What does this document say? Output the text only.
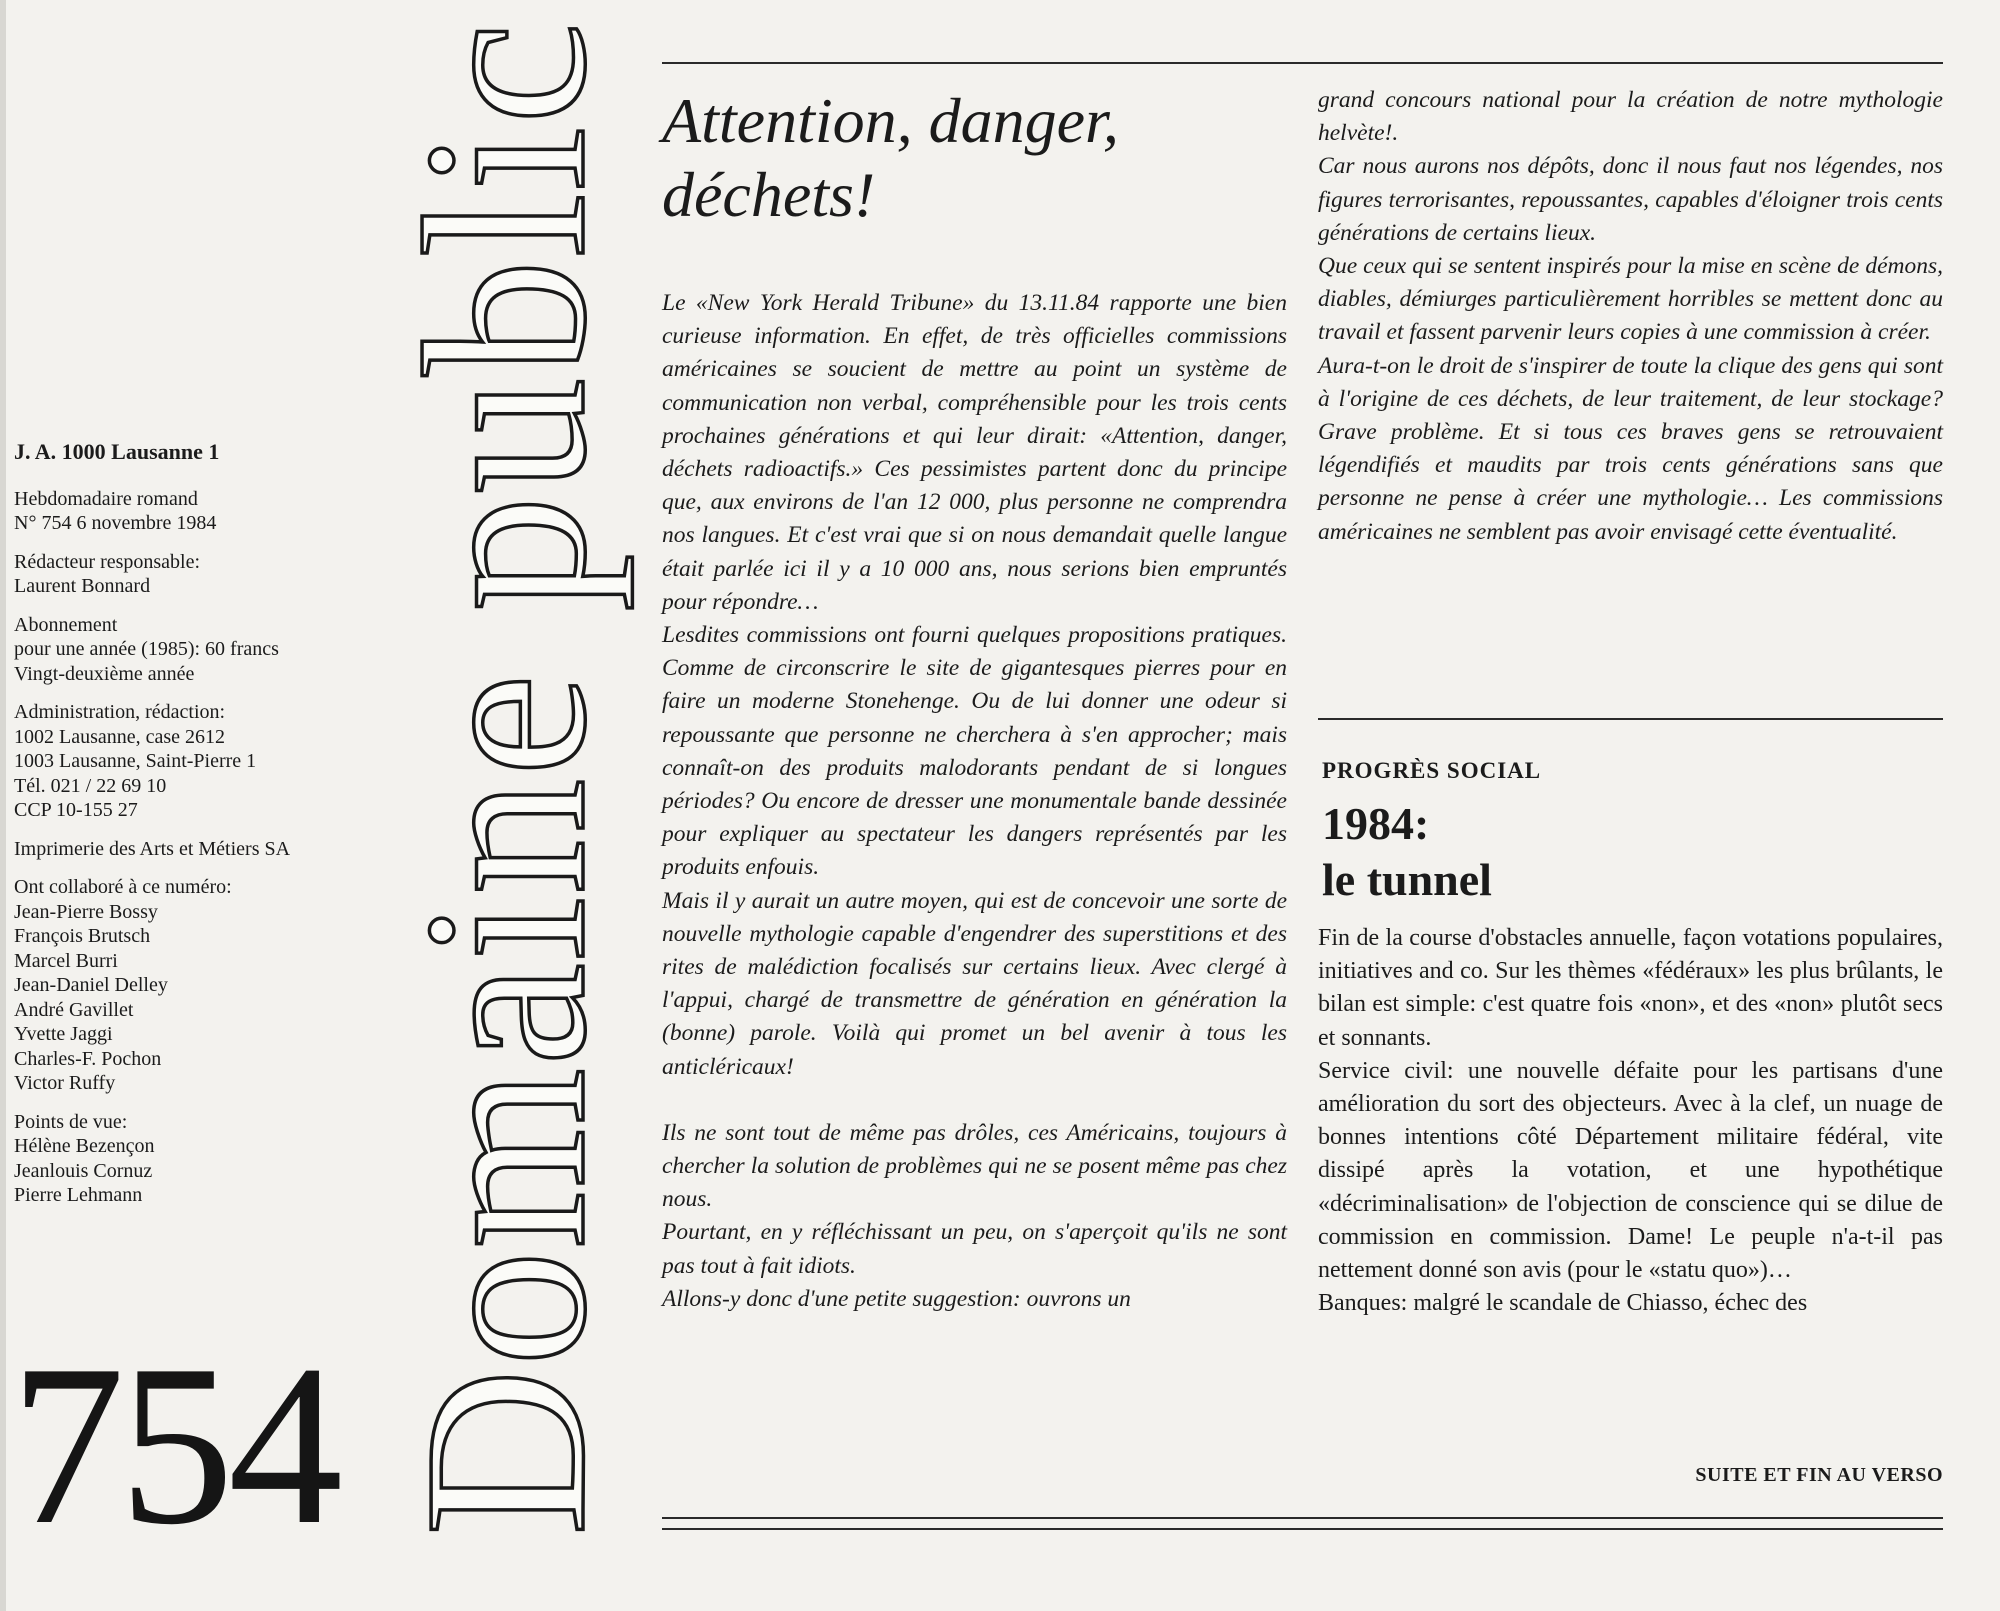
J. A. 1000 Lausanne 1
Hebdomadaire romand
N° 754 6 novembre 1984
Rédacteur responsable:
Laurent Bonnard
Abonnement
pour une année (1985): 60 francs
Vingt-deuxième année
Administration, rédaction:
1002 Lausanne, case 2612
1003 Lausanne, Saint-Pierre 1
Tél. 021 / 22 69 10
CCP 10-155 27
Imprimerie des Arts et Métiers SA
Ont collaboré à ce numéro:
Jean-Pierre Bossy
François Brutsch
Marcel Burri
Jean-Daniel Delley
André Gavillet
Yvette Jaggi
Charles-F. Pochon
Victor Ruffy
Points de vue:
Hélène Bezençon
Jeanlouis Cornuz
Pierre Lehmann
754 Domaine public Attention, danger,
déchets!

Le «New York Herald Tribune» du 13.11.84 rapporte une bien curieuse information. En effet, de très officielles commissions américaines se soucient de mettre au point un système de communication non verbal, compréhensible pour les trois cents prochaines générations et qui leur dirait: «Attention, danger, déchets radioactifs.» Ces pessimistes partent donc du principe que, aux environs de l'an 12 000, plus personne ne comprendra nos langues. Et c'est vrai que si on nous demandait quelle langue était parlée ici il y a 10 000 ans, nous serions bien empruntés pour répondre…

Lesdites commissions ont fourni quelques propositions pratiques. Comme de circonscrire le site de gigantesques pierres pour en faire un moderne Stonehenge. Ou de lui donner une odeur si repoussante que personne ne cherchera à s'en approcher; mais connaît-on des produits malodorants pendant de si longues périodes? Ou encore de dresser une monumentale bande dessinée pour expliquer au spectateur les dangers représentés par les produits enfouis.

Mais il y aurait un autre moyen, qui est de concevoir une sorte de nouvelle mythologie capable d'engendrer des superstitions et des rites de malédiction focalisés sur certains lieux. Avec clergé à l'appui, chargé de transmettre de génération en génération la (bonne) parole. Voilà qui promet un bel avenir à tous les anticléricaux!

Ils ne sont tout de même pas drôles, ces Américains, toujours à chercher la solution de problèmes qui ne se posent même pas chez nous.

Pourtant, en y réfléchissant un peu, on s'aperçoit qu'ils ne sont pas tout à fait idiots.

Allons-y donc d'une petite suggestion: ouvrons un

grand concours national pour la création de notre mythologie helvète!.

Car nous aurons nos dépôts, donc il nous faut nos légendes, nos figures terrorisantes, repoussantes, capables d'éloigner trois cents générations de certains lieux.

Que ceux qui se sentent inspirés pour la mise en scène de démons, diables, démiurges particulièrement horribles se mettent donc au travail et fassent parvenir leurs copies à une commission à créer.

Aura-t-on le droit de s'inspirer de toute la clique des gens qui sont à l'origine de ces déchets, de leur traitement, de leur stockage? Grave problème. Et si tous ces braves gens se retrouvaient légendifiés et maudits par trois cents générations sans que personne ne pense à créer une mythologie… Les commissions américaines ne semblent pas avoir envisagé cette éventualité.

PROGRÈS SOCIAL
1984:
le tunnel

Fin de la course d'obstacles annuelle, façon votations populaires, initiatives and co. Sur les thèmes «fédéraux» les plus brûlants, le bilan est simple: c'est quatre fois «non», et des «non» plutôt secs et sonnants.

Service civil: une nouvelle défaite pour les partisans d'une amélioration du sort des objecteurs. Avec à la clef, un nuage de bonnes intentions côté Département militaire fédéral, vite dissipé après la votation, et une hypothétique «décriminalisation» de l'objection de conscience qui se dilue de commission en commission. Dame! Le peuple n'a-t-il pas nettement donné son avis (pour le «statu quo»)…

Banques: malgré le scandale de Chiasso, échec des

SUITE ET FIN AU VERSO
